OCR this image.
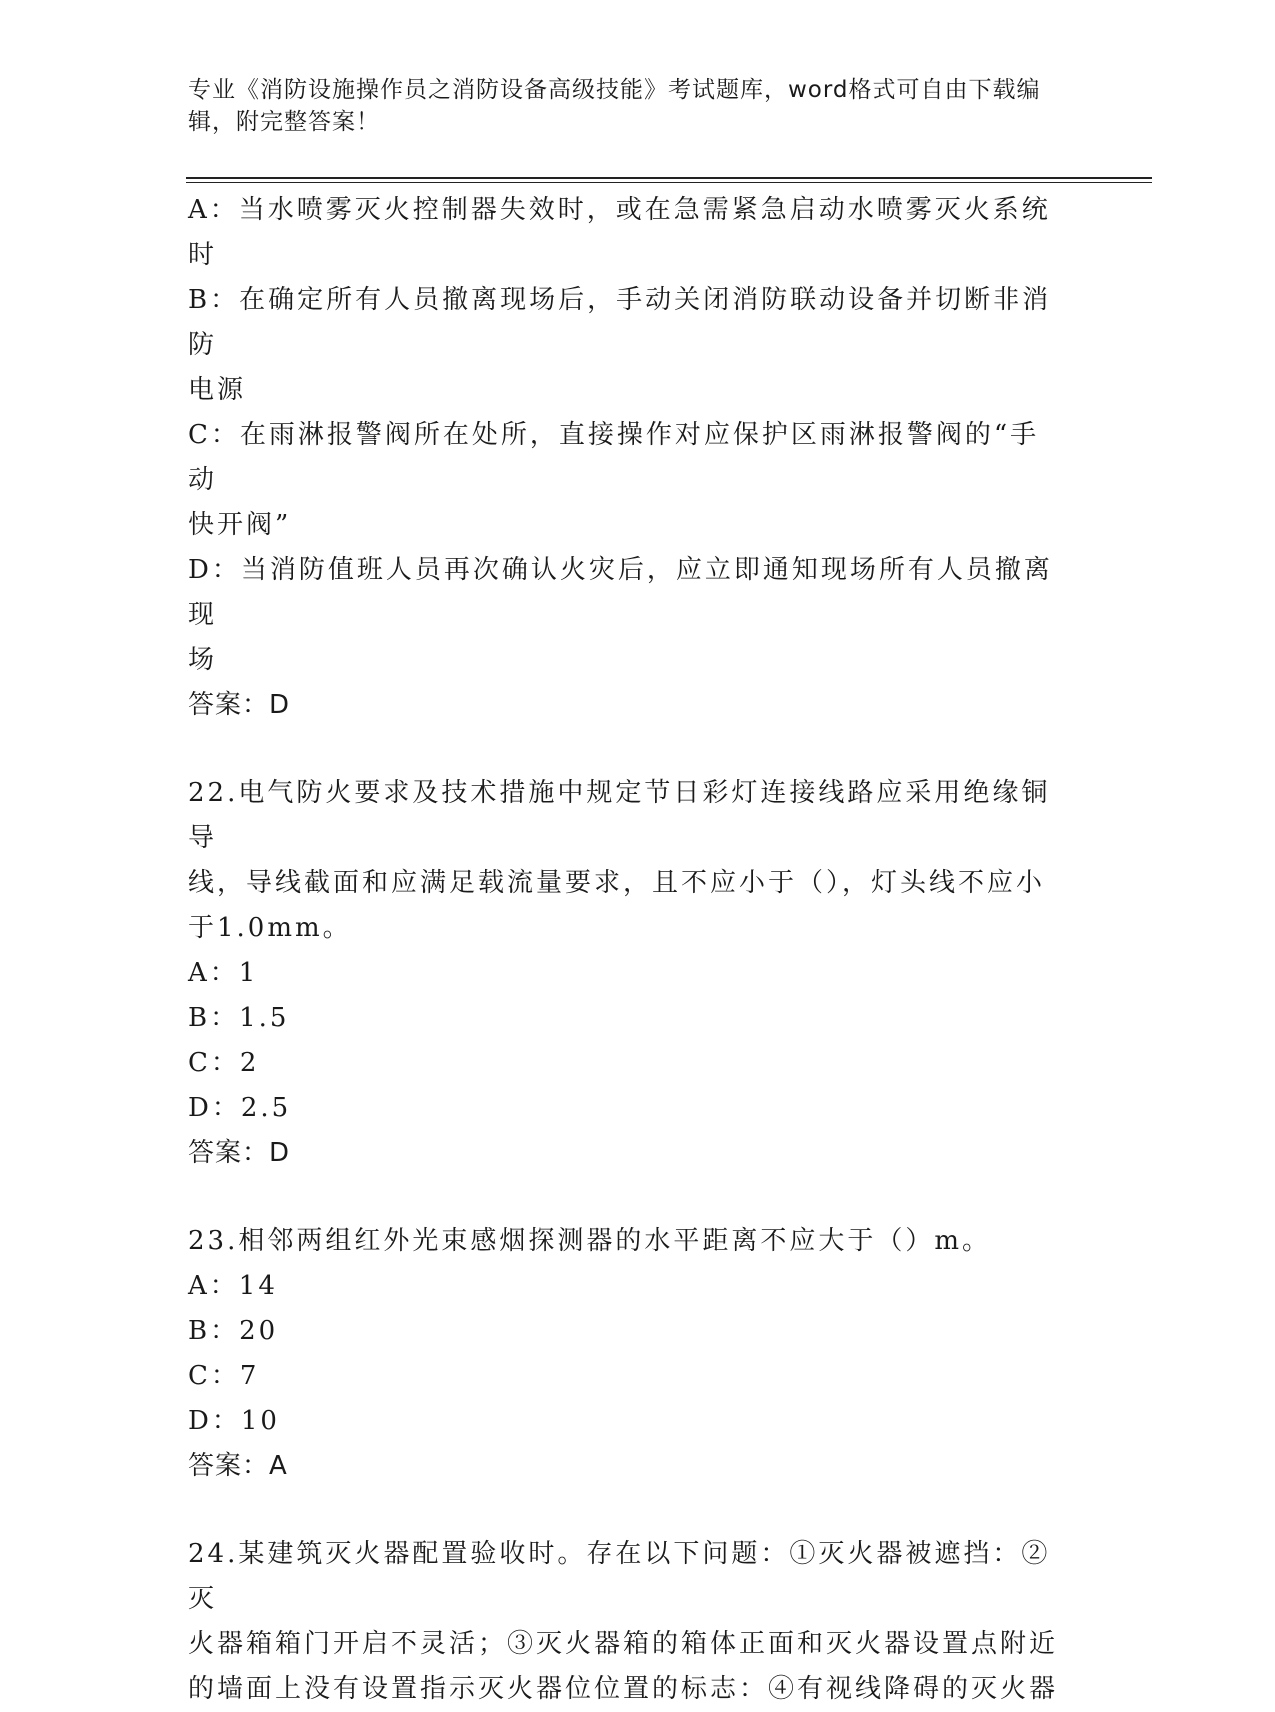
专业《消防设施操作员之消防设备高级技能》考试题库，word格式可自由下载编
辑，附完整答案！
A：当水喷雾灭火控制器失效时，或在急需紧急启动水喷雾灭火系统时
B：在确定所有人员撤离现场后，手动关闭消防联动设备并切断非消防
电源
C：在雨淋报警阀所在处所，直接操作对应保护区雨淋报警阀的“手动
快开阀”
D：当消防值班人员再次确认火灾后，应立即通知现场所有人员撤离现
场
答案：D
22.电气防火要求及技术措施中规定节日彩灯连接线路应采用绝缘铜导
线，导线截面和应满足载流量要求，且不应小于（），灯头线不应小
于1.0mm。
A：1
B：1.5
C：2
D：2.5
答案：D
23.相邻两组红外光束感烟探测器的水平距离不应大于（）m。
A：14
B：20
C：7
D：10
答案：A
24.某建筑灭火器配置验收时。存在以下问题：①灭火器被遮挡：②灭
火器箱箱门开启不灵活；③灭火器箱的箱体正面和灭火器设置点附近
的墙面上没有设置指示灭火器位位置的标志：④有视线降碍的灭火器
